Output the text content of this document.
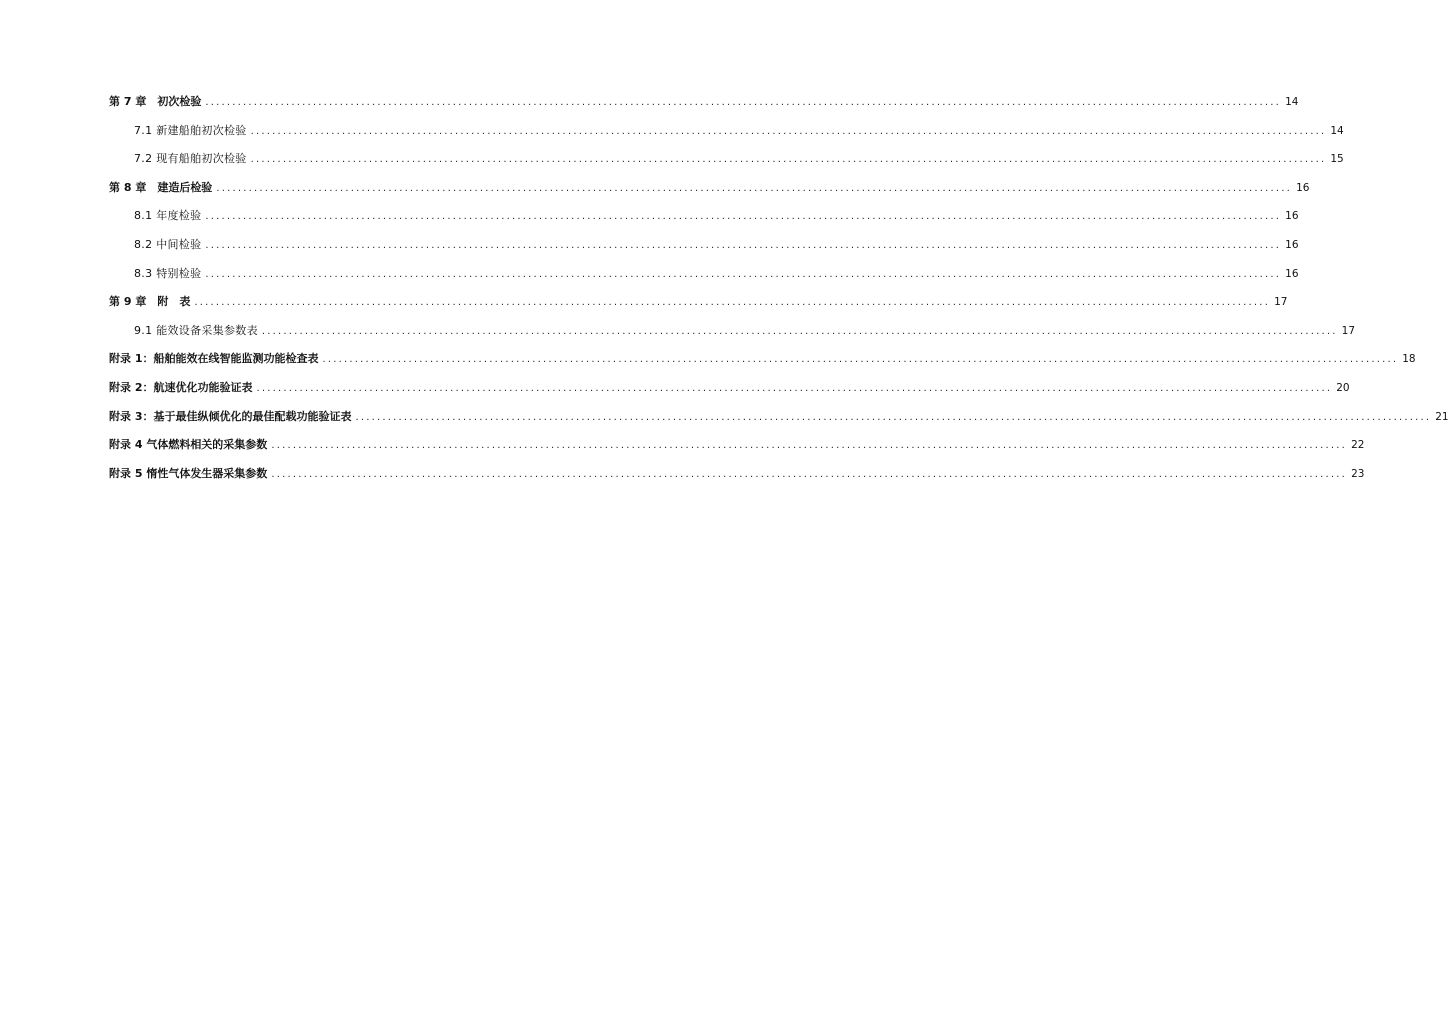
第 7 章　初次检验 ........................................................................................................................................................................................................ 14
7.1 新建船舶初次检验 ........................................................................................................................................................................................................ 14
7.2 现有船舶初次检验 ........................................................................................................................................................................................................ 15
第 8 章　建造后检验 ........................................................................................................................................................................................................ 16
8.1 年度检验 ........................................................................................................................................................................................................ 16
8.2 中间检验 ........................................................................................................................................................................................................ 16
8.3 特别检验 ........................................................................................................................................................................................................ 16
第 9 章　附　表 ........................................................................................................................................................................................................ 17
9.1 能效设备采集参数表 ........................................................................................................................................................................................................ 17
附录 1：船舶能效在线智能监测功能检查表 ........................................................................................................................................................................................................ 18
附录 2：航速优化功能验证表 ........................................................................................................................................................................................................ 20
附录 3：基于最佳纵倾优化的最佳配载功能验证表 ........................................................................................................................................................................................................ 21
附录 4 气体燃料相关的采集参数 ........................................................................................................................................................................................................ 22
附录 5 惰性气体发生器采集参数 ........................................................................................................................................................................................................ 23
